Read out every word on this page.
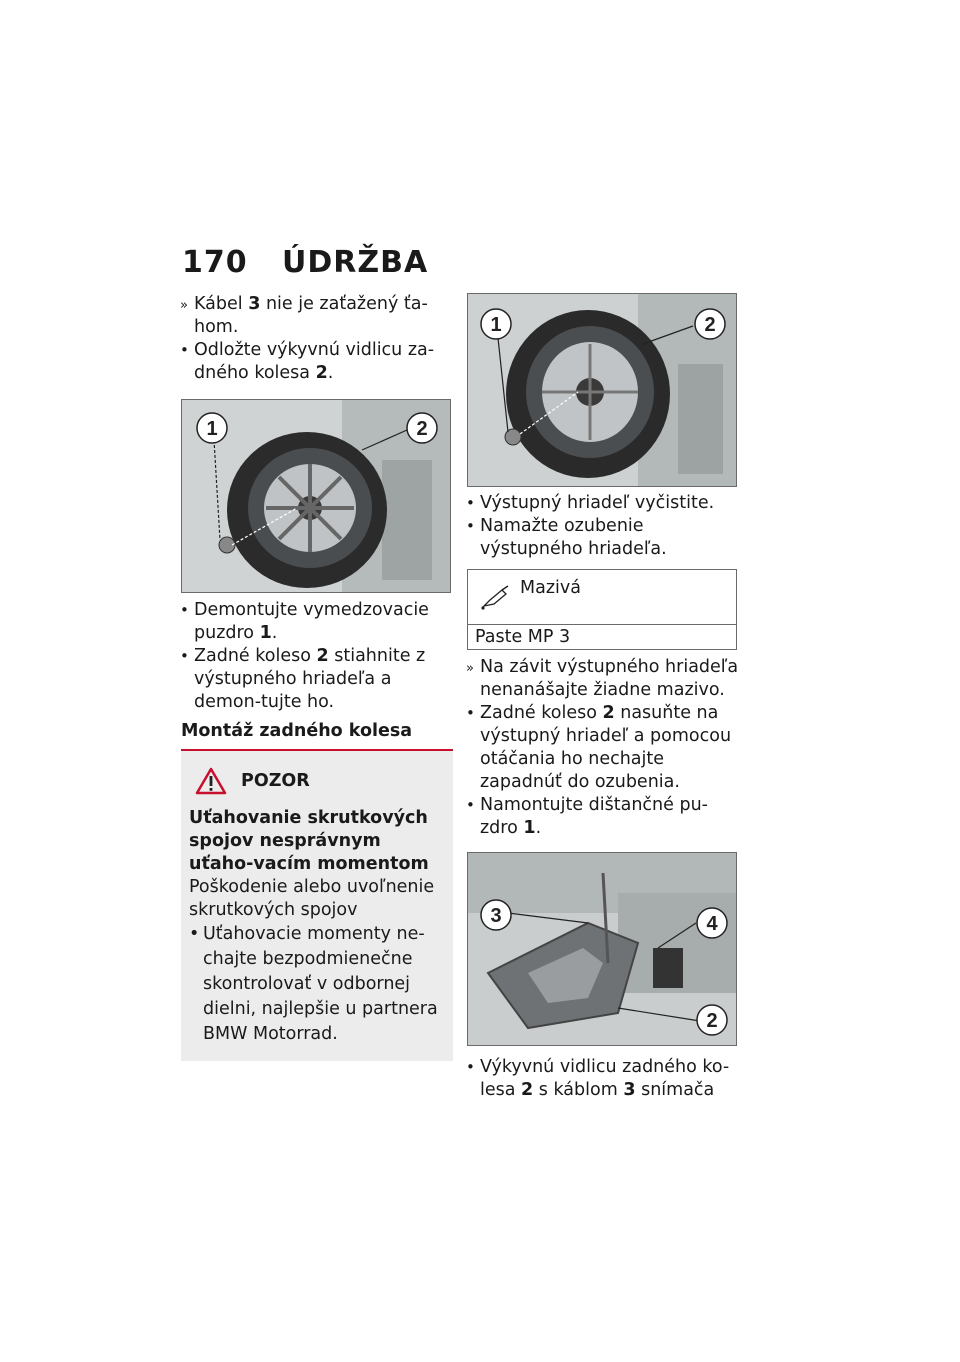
170	ÚDRŽBA

» Kábel 3 nie je zaťažený ťa-hom.

• Odložte výkyvnú vidlicu za-dného kolesa 2.

1	2

• Demontujte vymedzovacie puzdro 1.

• Zadné koleso 2 stiahnite z výstupného hriadeľa a demon-tujte ho.

Montáž zadného kolesa
POZOR
Uťahovanie skrutkových spojov nesprávnym uťaho-vacím momentom
Poškodenie alebo uvoľnenie skrutkových spojov
• Uťahovacie momenty ne-chajte bezpodmienečne skontrolovať v odbornej dielni, najlepšie u partnera BMW Motorrad.
1	2

• Výstupný hriadeľ vyčistite.

• Namažte ozubenie výstupného hriadeľa.

Mazivá
Paste MP 3

» Na závit výstupného hriadeľa nenanášajte žiadne mazivo.

• Zadné koleso 2 nasuňte na výstupný hriadeľ a pomocou otáčania ho nechajte zapadnúť do ozubenia.

• Namontujte dištančné pu-zdro 1.

3	4
2

• Výkyvnú vidlicu zadného ko-lesa 2 s káblom 3 snímača
